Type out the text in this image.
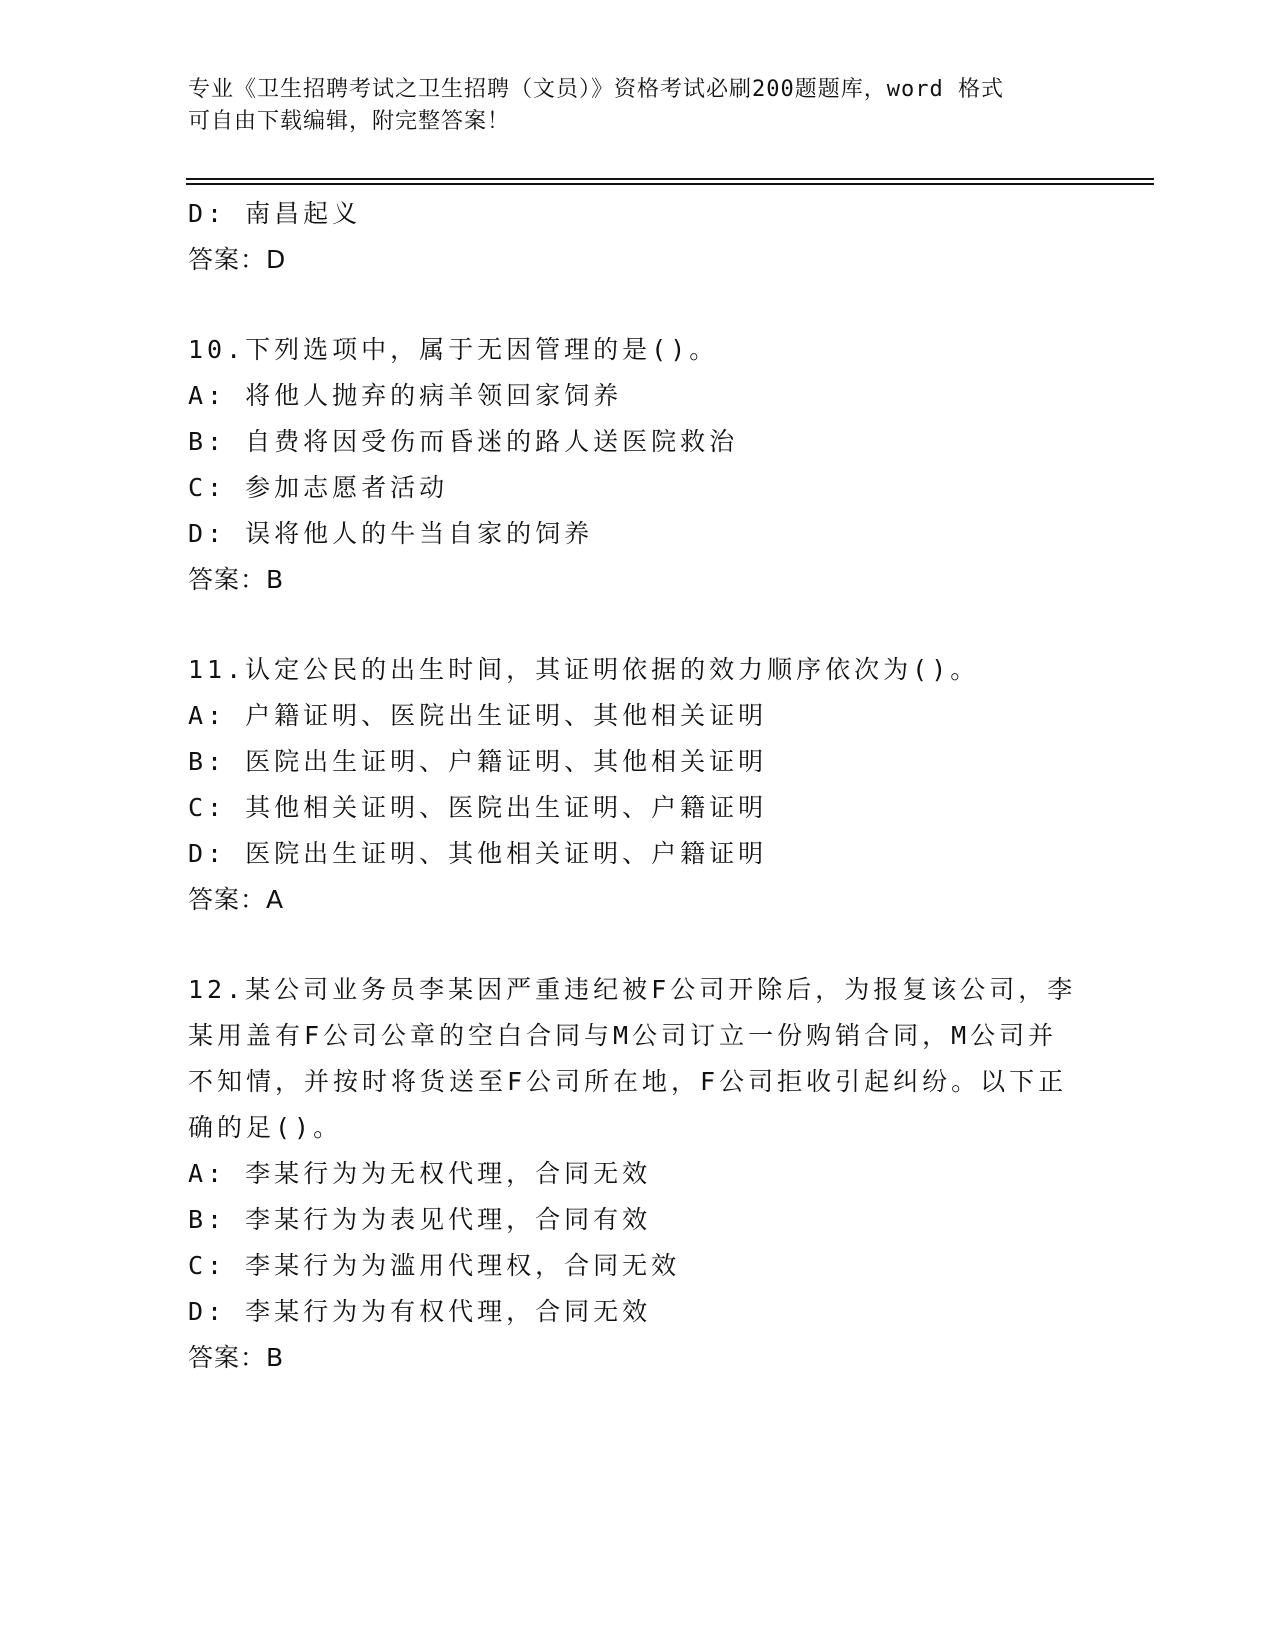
专业《卫生招聘考试之卫生招聘（文员）》资格考试必刷200题题库，word 格式
可自由下载编辑，附完整答案！
D: 南昌起义
答案：D
10.下列选项中，属于无因管理的是()。
A: 将他人抛弃的病羊领回家饲养
B: 自费将因受伤而昏迷的路人送医院救治
C: 参加志愿者活动
D: 误将他人的牛当自家的饲养
答案：B
11.认定公民的出生时间，其证明依据的效力顺序依次为()。
A: 户籍证明、医院出生证明、其他相关证明
B: 医院出生证明、户籍证明、其他相关证明
C: 其他相关证明、医院出生证明、户籍证明
D: 医院出生证明、其他相关证明、户籍证明
答案：A
12.某公司业务员李某因严重违纪被F公司开除后，为报复该公司，李
某用盖有F公司公章的空白合同与M公司订立一份购销合同，M公司并
不知情，并按时将货送至F公司所在地，F公司拒收引起纠纷。以下正
确的足()。
A: 李某行为为无权代理，合同无效
B: 李某行为为表见代理，合同有效
C: 李某行为为滥用代理权，合同无效
D: 李某行为为有权代理，合同无效
答案：B
